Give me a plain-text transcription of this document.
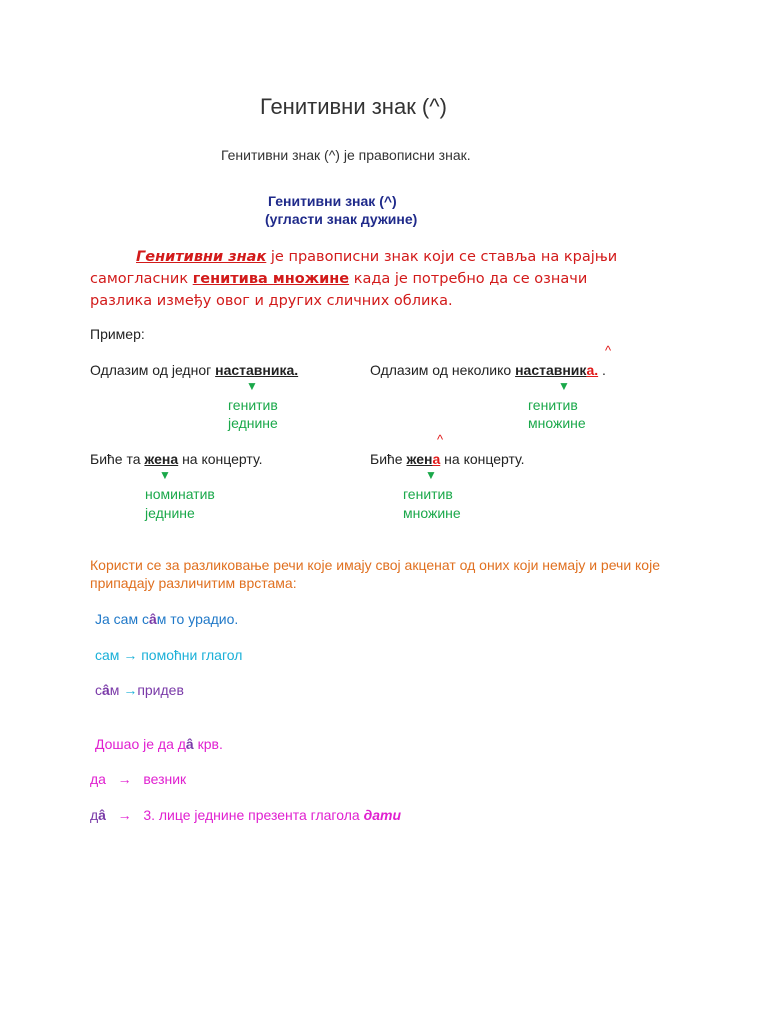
Генитивни знак (^)
Генитивни знак (^) је правописни знак.
Генитивни знак (^)
(угласти знак дужине)
Генитивни знак је правописни знак који се ставља на крајњи самогласник генитива множине када је потребно да се означи разлика између овог и других сличних облика.
Пример:
Одлазим од једног наставника.
▼
генитив
једнине
^
Одлазим од неколико наставника. .
▼
генитив
множине
Биће та жена на концерту.
▼
номинатив
једнине
^
Биће жена на концерту.
▼
генитив
множине
Користи се за разликовање речи које имају свој акценат од оних који немају и речи које припадају различитим врстама:
Ја сам сâм то урадио.
сам → помоћни глагол
сâм →придев
Дошао је да дâ крв.
да → везник
дâ → 3. лице једнине презента глагола дати
